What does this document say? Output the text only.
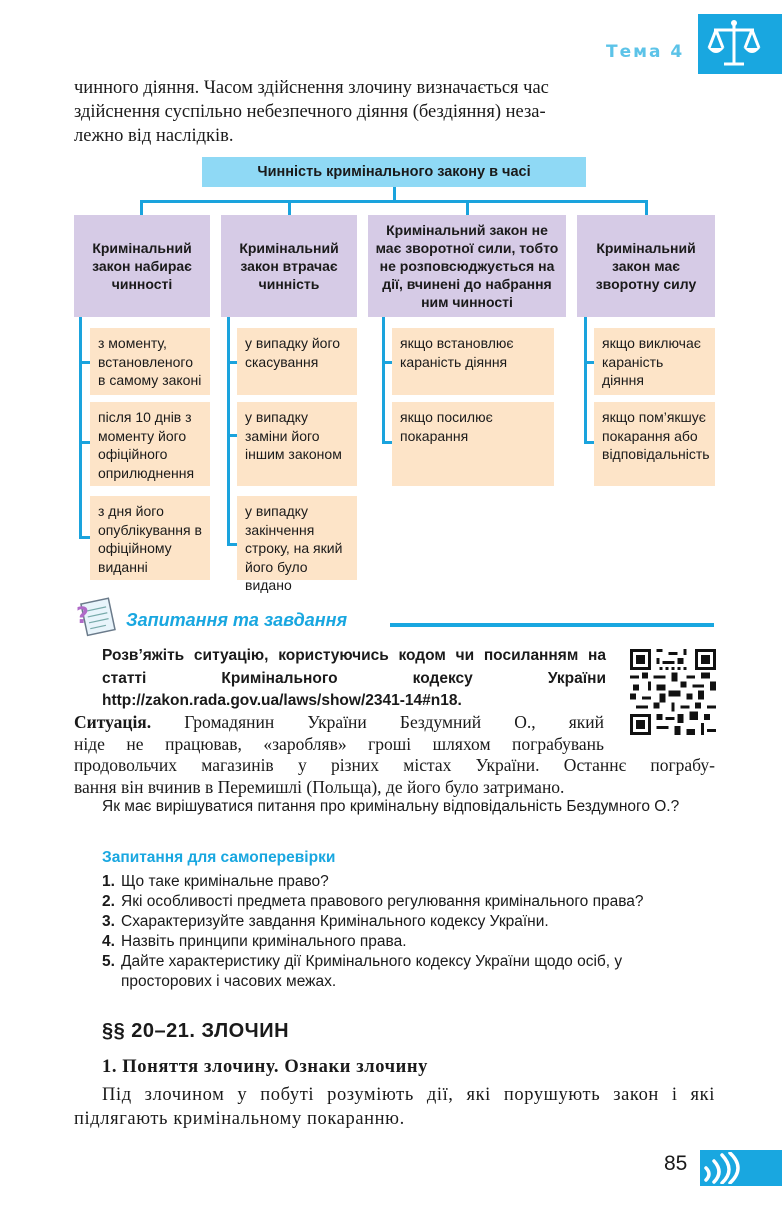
Тема 4
чинного діяння. Часом здійснення злочину визначається час
здійснення суспільно небезпечного діяння (бездіяння) неза-
лежно від наслідків.
Чинність кримінального закону в часі
Кримінальний закон набирає чинності
з моменту, встановленого в самому законі
після 10 днів з моменту його офіційного оприлюднення
з дня його опублікування в офіційному виданні
Кримінальний закон втрачає чинність
у випадку його скасування
у випадку заміни його іншим законом
у випадку закінчення строку, на який його було видано
Кримінальний закон не має зворотної сили, тобто не розповсюджується на дії, вчинені до набрання ним чинності
якщо встановлює караність діяння
якщо посилює покарання
Кримінальний закон має зворотну силу
якщо виключає караність діяння
якщо пом’якшує покарання або відповідальність
? Запитання та завдання
Розв’яжіть ситуацію, користуючись кодом чи посиланням на статті Кримінального кодексу України http://zakon.rada.gov.ua/laws/show/2341-14#n18.
Ситуація. Громадянин України Бездумний О., який
ніде не працював, «заробляв» гроші шляхом пограбувань
продовольчих магазинів у різних містах України. Останнє пограбу-
вання він вчинив в Перемишлі (Польща), де його було затримано.
Як має вирішуватися питання про кримінальну відповідальність Бездумного О.?
Запитання для самоперевірки
1. Що таке кримінальне право?
2. Які особливості предмета правового регулювання кримінального права?
3. Схарактеризуйте завдання Кримінального кодексу України.
4. Назвіть принципи кримінального права.
5. Дайте характеристику дії Кримінального кодексу України щодо осіб, у просторових і часових межах.
§§ 20–21. ЗЛОЧИН
1. Поняття злочину. Ознаки злочину
Під злочином у побуті розуміють дії, які порушують закон і які підлягають кримінальному покаранню.
85
